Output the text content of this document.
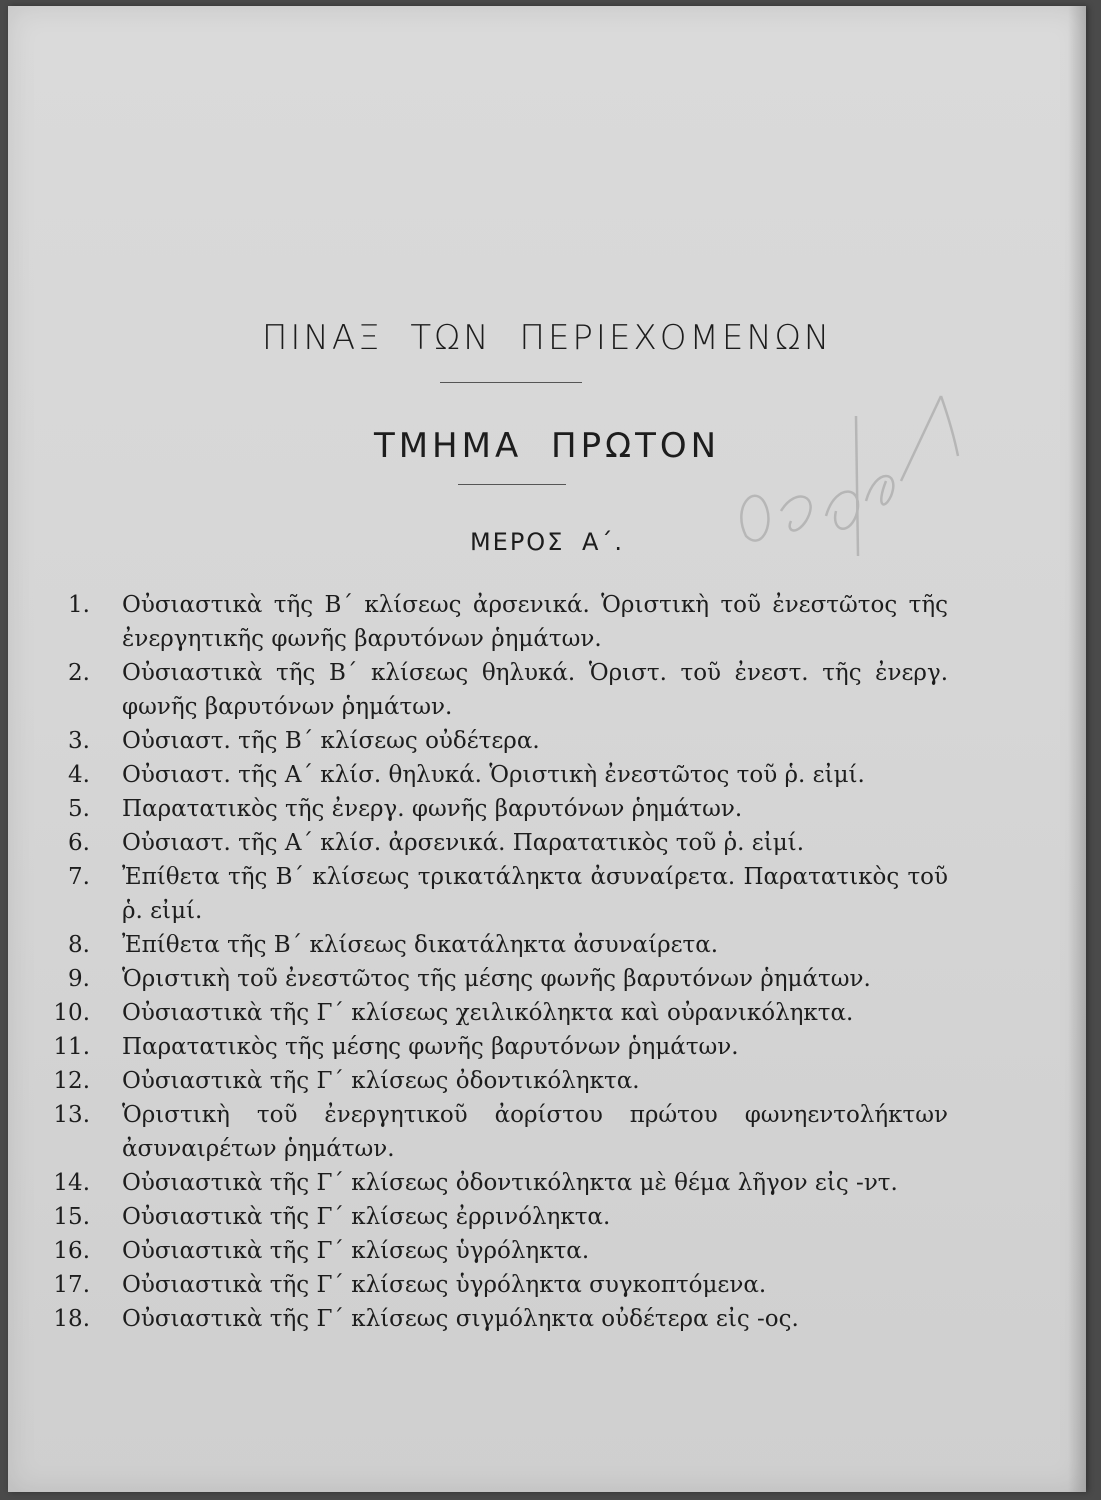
ΠΙΝΑΞ ΤΩΝ ΠΕΡΙΕΧΟΜΕΝΩΝ
ΤΜΗΜΑ ΠΡΩΤΟΝ
ΜΕΡΟΣ Α΄.
1. Οὐσιαστικὰ τῆς Β΄ κλίσεως ἀρσενικά. Ὁριστικὴ τοῦ ἐνεστῶτος τῆς ἐνεργητικῆς φωνῆς βαρυτόνων ῥημάτων.
2. Οὐσιαστικὰ τῆς Β΄ κλίσεως θηλυκά. Ὁριστ. τοῦ ἐνεστ. τῆς ἐνεργ. φωνῆς βαρυτόνων ῥημάτων.
3. Οὐσιαστ. τῆς Β΄ κλίσεως οὐδέτερα.
4. Οὐσιαστ. τῆς Α΄ κλίσ. θηλυκά. Ὁριστικὴ ἐνεστῶτος τοῦ ῥ. εἰμί.
5. Παρατατικὸς τῆς ἐνεργ. φωνῆς βαρυτόνων ῥημάτων.
6. Οὐσιαστ. τῆς Α΄ κλίσ. ἀρσενικά. Παρατατικὸς τοῦ ῥ. εἰμί.
7. Ἐπίθετα τῆς Β΄ κλίσεως τρικατάληκτα ἀσυναίρετα. Παρατατικὸς τοῦ ῥ. εἰμί.
8. Ἐπίθετα τῆς Β΄ κλίσεως δικατάληκτα ἀσυναίρετα.
9. Ὁριστικὴ τοῦ ἐνεστῶτος τῆς μέσης φωνῆς βαρυτόνων ῥημάτων.
10. Οὐσιαστικὰ τῆς Γ΄ κλίσεως χειλικόληκτα καὶ οὐρανικόληκτα.
11. Παρατατικὸς τῆς μέσης φωνῆς βαρυτόνων ῥημάτων.
12. Οὐσιαστικὰ τῆς Γ΄ κλίσεως ὀδοντικόληκτα.
13. Ὁριστικὴ τοῦ ἐνεργητικοῦ ἀορίστου πρώτου φωνηεντολήκτων ἀσυναιρέτων ῥημάτων.
14. Οὐσιαστικὰ τῆς Γ΄ κλίσεως ὀδοντικόληκτα μὲ θέμα λῆγον εἰς -ντ.
15. Οὐσιαστικὰ τῆς Γ΄ κλίσεως ἐρρινόληκτα.
16. Οὐσιαστικὰ τῆς Γ΄ κλίσεως ὑγρόληκτα.
17. Οὐσιαστικὰ τῆς Γ΄ κλίσεως ὑγρόληκτα συγκοπτόμενα.
18. Οὐσιαστικὰ τῆς Γ΄ κλίσεως σιγμόληκτα οὐδέτερα εἰς -ος.
